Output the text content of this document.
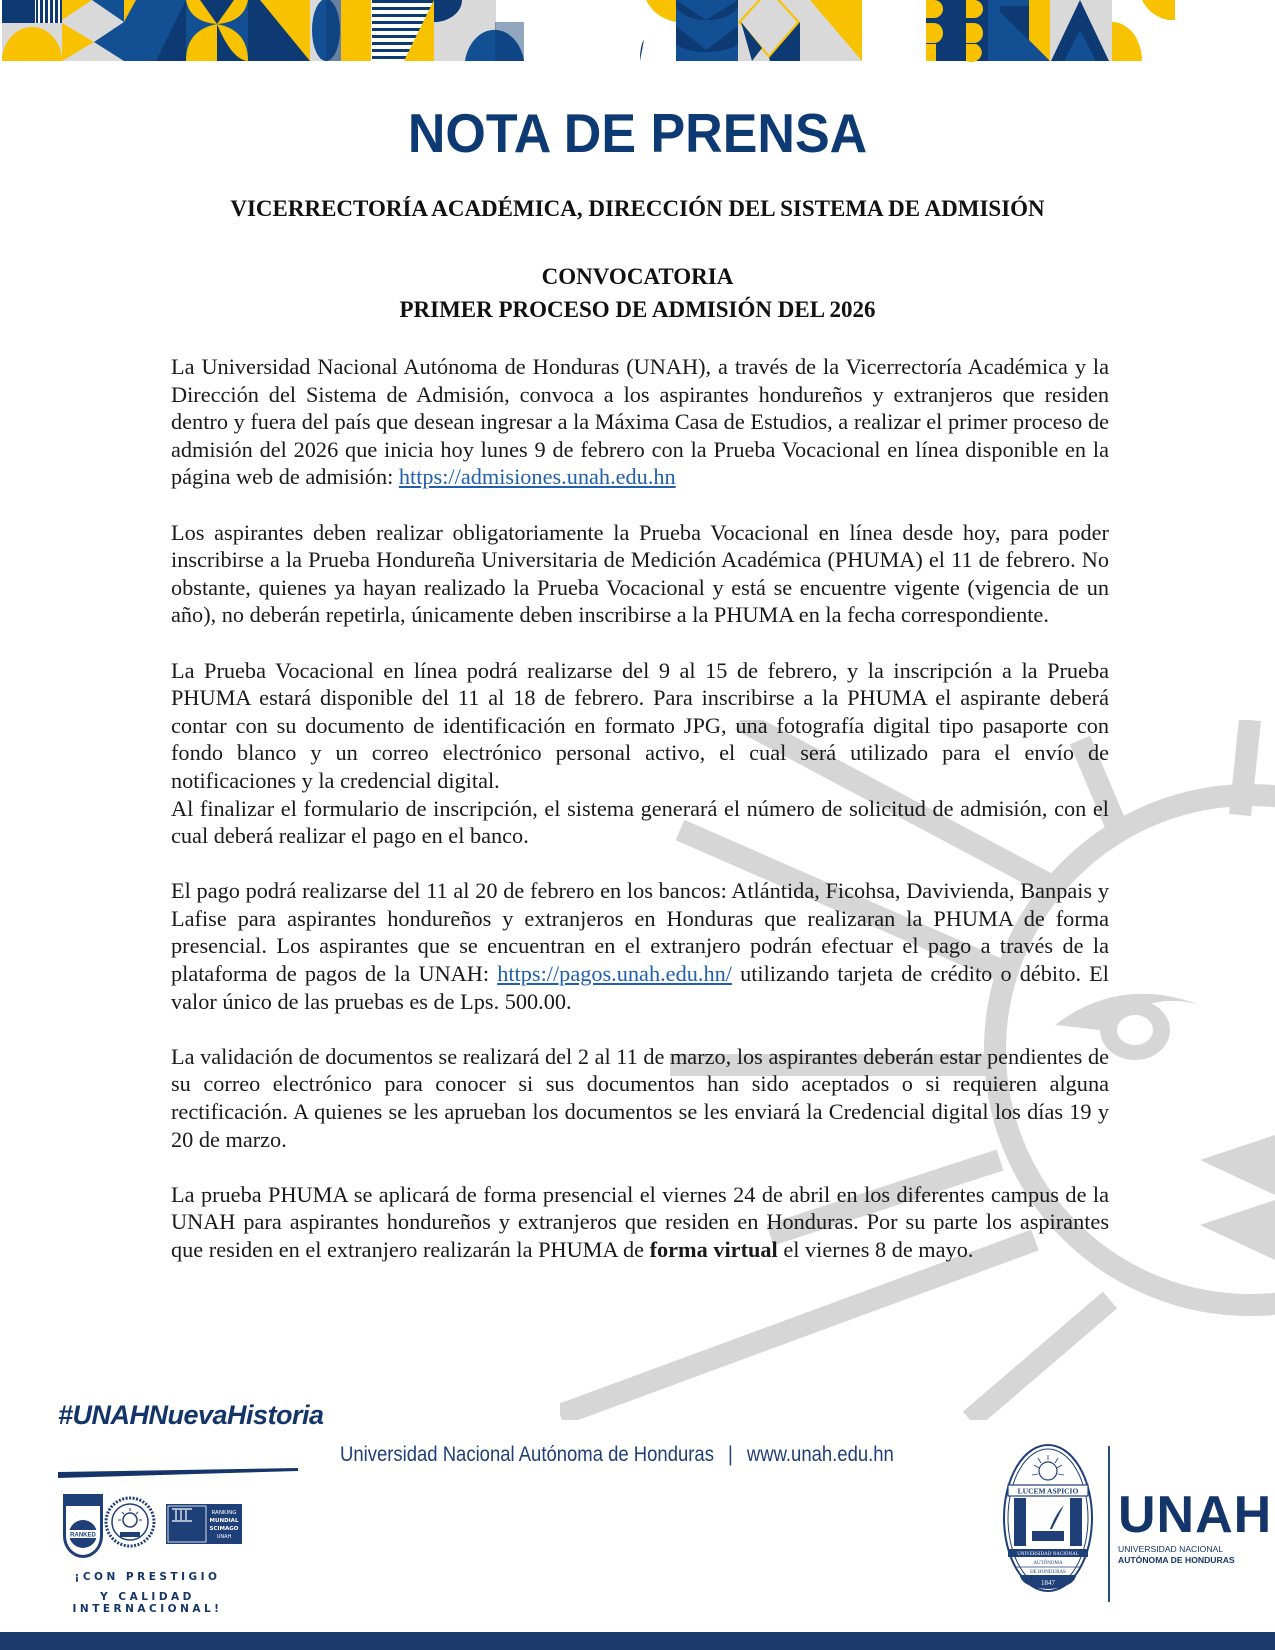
NOTA DE PRENSA
VICERRECTORÍA ACADÉMICA, DIRECCIÓN DEL SISTEMA DE ADMISIÓN
CONVOCATORIA
PRIMER PROCESO DE ADMISIÓN DEL 2026

La Universidad Nacional Autónoma de Honduras (UNAH), a través de la Vicerrectoría Académica y la Dirección del Sistema de Admisión, convoca a los aspirantes hondureños y extranjeros que residen dentro y fuera del país que desean ingresar a la Máxima Casa de Estudios, a realizar el primer proceso de admisión del 2026 que inicia hoy lunes 9 de febrero con la Prueba Vocacional en línea disponible en la página web de admisión: https://admisiones.unah.edu.hn

Los aspirantes deben realizar obligatoriamente la Prueba Vocacional en línea desde hoy, para poder inscribirse a la Prueba Hondureña Universitaria de Medición Académica (PHUMA) el 11 de febrero. No obstante, quienes ya hayan realizado la Prueba Vocacional y está se encuentre vigente (vigencia de un año), no deberán repetirla, únicamente deben inscribirse a la PHUMA en la fecha correspondiente.

La Prueba Vocacional en línea podrá realizarse del 9 al 15 de febrero, y la inscripción a la Prueba PHUMA estará disponible del 11 al 18 de febrero. Para inscribirse a la PHUMA el aspirante deberá contar con su documento de identificación en formato JPG, una fotografía digital tipo pasaporte con fondo blanco y un correo electrónico personal activo, el cual será utilizado para el envío de notificaciones y la credencial digital.

Al finalizar el formulario de inscripción, el sistema generará el número de solicitud de admisión, con el cual deberá realizar el pago en el banco.

El pago podrá realizarse del 11 al 20 de febrero en los bancos: Atlántida, Ficohsa, Davivienda, Banpais y Lafise para aspirantes hondureños y extranjeros en Honduras que realizaran la PHUMA de forma presencial. Los aspirantes que se encuentran en el extranjero podrán efectuar el pago a través de la plataforma de pagos de la UNAH: https://pagos.unah.edu.hn/ utilizando tarjeta de crédito o débito. El valor único de las pruebas es de Lps. 500.00.

La validación de documentos se realizará del 2 al 11 de marzo, los aspirantes deberán estar pendientes de su correo electrónico para conocer si sus documentos han sido aceptados o si requieren alguna rectificación. A quienes se les aprueban los documentos se les enviará la Credencial digital los días 19 y 20 de marzo.

La prueba PHUMA se aplicará de forma presencial el viernes 24 de abril en los diferentes campus de la UNAH para aspirantes hondureños y extranjeros que residen en Honduras. Por su parte los aspirantes que residen en el extranjero realizarán la PHUMA de forma virtual el viernes 8 de mayo.

#UNAHNuevaHistoria
RANKED
RANKING
MUNDIAL
SCIMAGO
UNAH
¡CON PRESTIGIO
Y CALIDAD INTERNACIONAL!
Universidad Nacional Autónoma de Honduras | www.unah.edu.hn
LUCEM ASPICIO
UNIVERSIDAD NACIONAL
AUTÓNOMA
DE HONDURAS
1847
UNAH
UNIVERSIDAD NACIONAL
AUTÓNOMA DE HONDURAS
